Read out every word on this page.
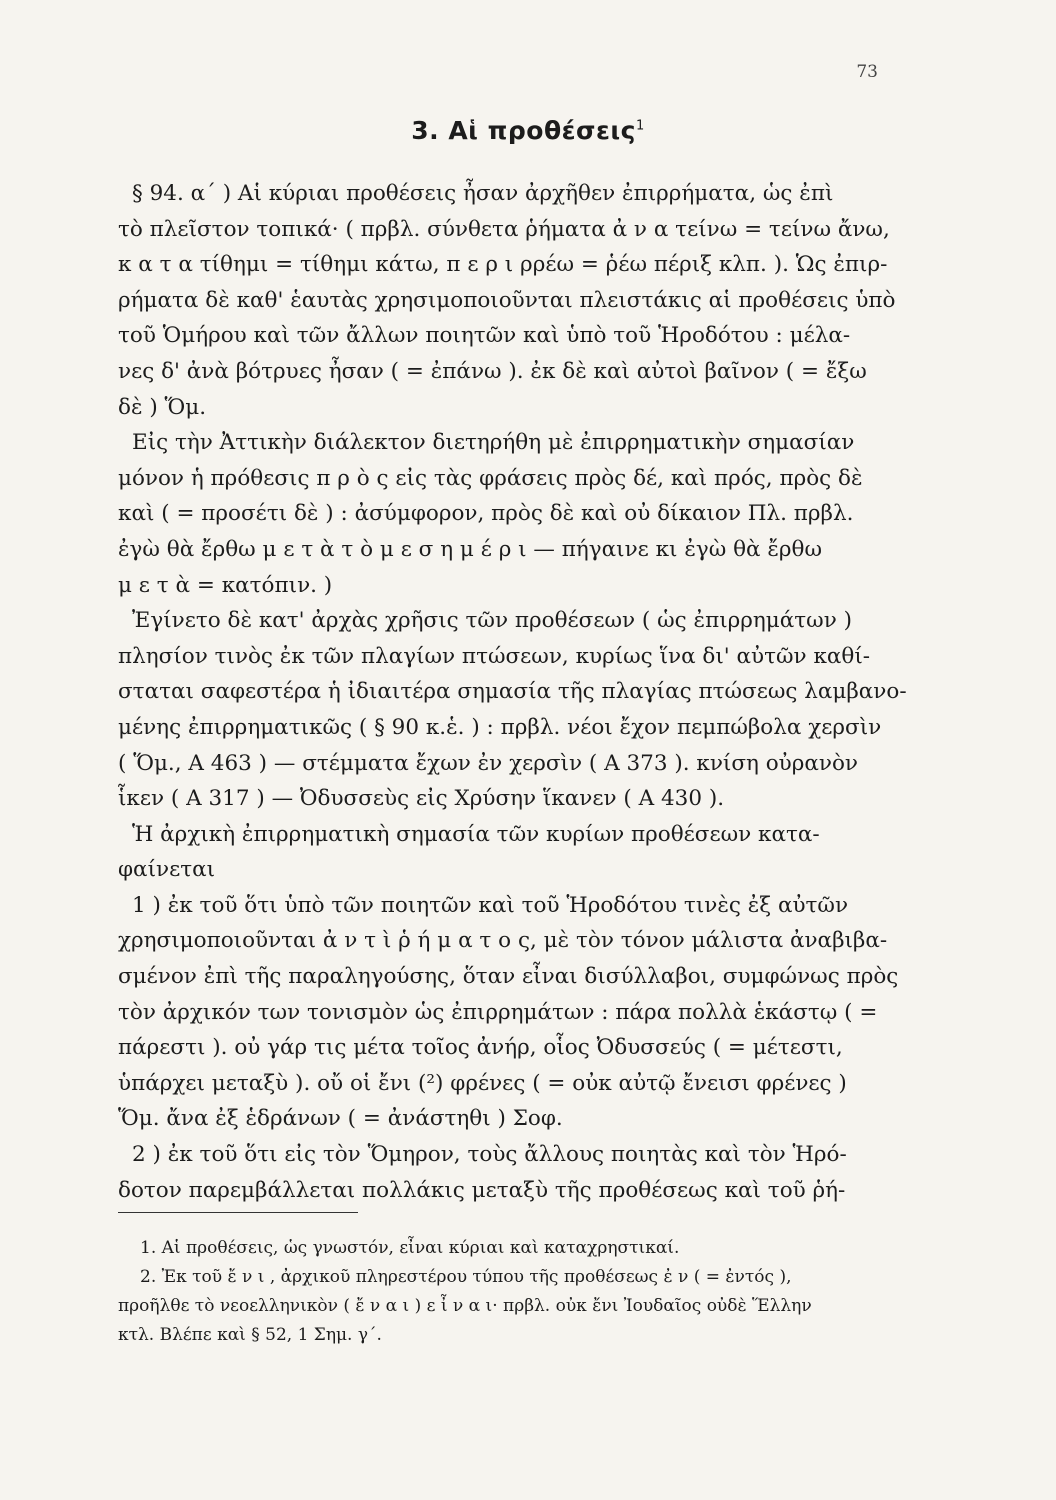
73
3. Αἱ προθέσεις$^1$
§ 94. α΄ ) Αἱ κύριαι προθέσεις ἦσαν ἀρχῆθεν ἐπιρρήματα, ὡς ἐπὶ
τὸ πλεῖστον τοπικά· ( πρβλ. σύνθετα ῥήματα ἀ ν α τείνω = τείνω ἄνω,
κ α τ α τίθημι = τίθημι κάτω, π ε ρ ι ρρέω = ῥέω πέριξ κλπ. ). Ὡς ἐπιρ-
ρήματα δὲ καθ' ἑαυτὰς χρησιμοποιοῦνται πλειστάκις αἱ προθέσεις ὑπὸ
τοῦ Ὁμήρου καὶ τῶν ἄλλων ποιητῶν καὶ ὑπὸ τοῦ Ἡροδότου : μέλα-
νες δ' ἀνὰ βότρυες ἦσαν ( = ἐπάνω ). ἐκ δὲ καὶ αὐτοὶ βαῖνον ( = ἔξω
δὲ ) Ὅμ.
Εἰς τὴν Ἀττικὴν διάλεκτον διετηρήθη μὲ ἐπιρρηματικὴν σημασίαν
μόνον ἡ πρόθεσις π ρ ὸ ς εἰς τὰς φράσεις πρὸς δέ, καὶ πρός, πρὸς δὲ
καὶ ( = προσέτι δὲ ) : ἀσύμφορον, πρὸς δὲ καὶ οὐ δίκαιον Πλ. πρβλ.
ἐγὼ θὰ ἔρθω μ ε τ ὰ τ ὸ μ ε σ η μ έ ρ ι — πήγαινε κι ἐγὼ θὰ ἔρθω
μ ε τ ὰ = κατόπιν. )
Ἐγίνετο δὲ κατ' ἀρχὰς χρῆσις τῶν προθέσεων ( ὡς ἐπιρρημάτων )
πλησίον τινὸς ἐκ τῶν πλαγίων πτώσεων, κυρίως ἵνα δι' αὐτῶν καθί-
σταται σαφεστέρα ἡ ἰδιαιτέρα σημασία τῆς πλαγίας πτώσεως λαμβανο-
μένης ἐπιρρηματικῶς ( § 90 κ.ἑ. ) : πρβλ. νέοι ἔχον πεμπώβολα χερσὶν
( Ὅμ., Α 463 ) — στέμματα ἔχων ἐν χερσὶν ( Α 373 ). κνίση οὐρανὸν
ἷκεν ( Α 317 ) — Ὀδυσσεὺς εἰς Χρύσην ἵκανεν ( Α 430 ).
Ἡ ἀρχικὴ ἐπιρρηματικὴ σημασία τῶν κυρίων προθέσεων κατα-
φαίνεται
1 ) ἐκ τοῦ ὅτι ὑπὸ τῶν ποιητῶν καὶ τοῦ Ἡροδότου τινὲς ἐξ αὐτῶν
χρησιμοποιοῦνται ἀ ν τ ὶ ῥ ή μ α τ ο ς, μὲ τὸν τόνον μάλιστα ἀναβιβα-
σμένον ἐπὶ τῆς παραληγούσης, ὅταν εἶναι δισύλλαβοι, συμφώνως πρὸς
τὸν ἀρχικόν των τονισμὸν ὡς ἐπιρρημάτων : πάρα πολλὰ ἑκάστῳ ( =
πάρεστι ). οὐ γάρ τις μέτα τοῖος ἀνήρ, οἷος Ὀδυσσεύς ( = μέτεστι,
ὑπάρχει μεταξὺ ). οὔ οἱ ἔνι (²) φρένες ( = οὐκ αὐτῷ ἔνεισι φρένες )
Ὅμ. ἄνα ἐξ ἑδράνων ( = ἀνάστηθι ) Σοφ.
2 ) ἐκ τοῦ ὅτι εἰς τὸν Ὅμηρον, τοὺς ἄλλους ποιητὰς καὶ τὸν Ἡρό-
δοτον παρεμβάλλεται πολλάκις μεταξὺ τῆς προθέσεως καὶ τοῦ ῥή-
1. Αἱ προθέσεις, ὡς γνωστόν, εἶναι κύριαι καὶ καταχρηστικαί.
2. Ἐκ τοῦ ἔ ν ι , ἀρχικοῦ πληρεστέρου τύπου τῆς προθέσεως ἐ ν ( = ἐντός ),
προῆλθε τὸ νεοελληνικὸν ( ἔ ν α ι ) ε ἶ ν α ι· πρβλ. οὐκ ἔνι Ἰουδαῖος οὐδὲ Ἕλλην
κτλ. Βλέπε καὶ § 52, 1 Σημ. γ΄.
